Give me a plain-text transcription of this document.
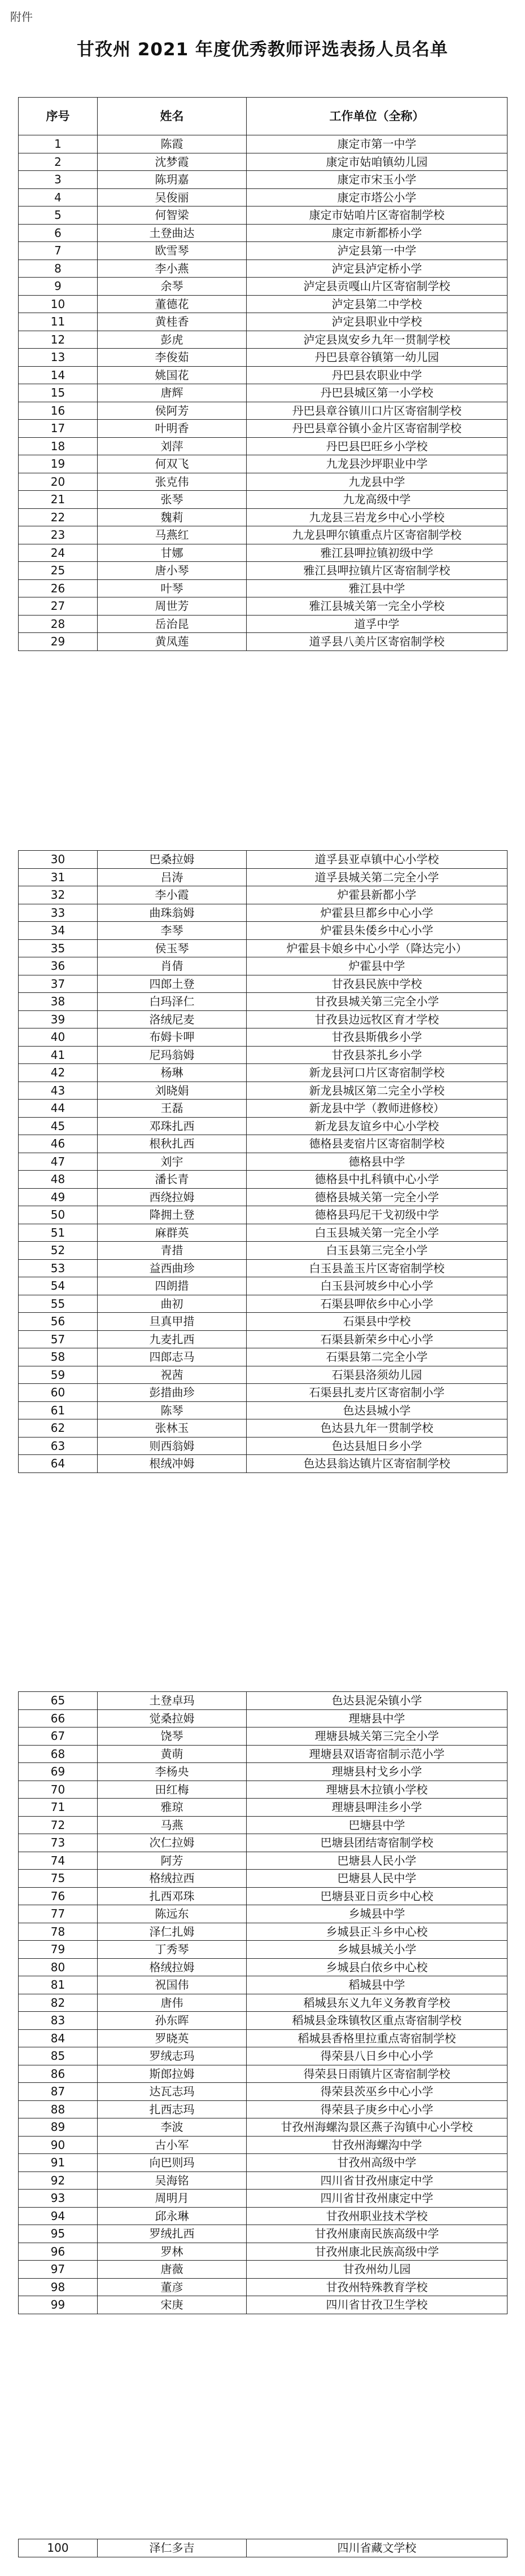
附件
甘孜州 2021 年度优秀教师评选表扬人员名单
序号	姓名	工作单位（全称）
1	陈霞	康定市第一中学
2	沈梦霞	康定市姑咱镇幼儿园
3	陈玥嘉	康定市宋玉小学
4	吴俊丽	康定市塔公小学
5	何智梁	康定市姑咱片区寄宿制学校
6	土登曲达	康定市新都桥小学
7	欧雪琴	泸定县第一中学
8	李小燕	泸定县泸定桥小学
9	余琴	泸定县贡嘎山片区寄宿制学校
10	董德花	泸定县第二中学校
11	黄桂香	泸定县职业中学校
12	彭虎	泸定县岚安乡九年一贯制学校
13	李俊茹	丹巴县章谷镇第一幼儿园
14	姚国花	丹巴县农职业中学
15	唐辉	丹巴县城区第一小学校
16	侯阿芳	丹巴县章谷镇川口片区寄宿制学校
17	叶明香	丹巴县章谷镇小金片区寄宿制学校
18	刘萍	丹巴县巴旺乡小学校
19	何双飞	九龙县沙坪职业中学
20	张克伟	九龙县中学
21	张琴	九龙高级中学
22	魏莉	九龙县三岩龙乡中心小学校
23	马燕红	九龙县呷尔镇重点片区寄宿制学校
24	甘娜	雅江县呷拉镇初级中学
25	唐小琴	雅江县呷拉镇片区寄宿制学校
26	叶琴	雅江县中学
27	周世芳	雅江县城关第一完全小学校
28	岳治昆	道孚中学
29	黄凤莲	道孚县八美片区寄宿制学校
30	巴桑拉姆	道孚县亚卓镇中心小学校
31	吕涛	道孚县城关第二完全小学
32	李小霞	炉霍县新都小学
33	曲珠翁姆	炉霍县旦都乡中心小学
34	李琴	炉霍县朱倭乡中心小学
35	侯玉琴	炉霍县卡娘乡中心小学（降达完小）
36	肖倩	炉霍县中学
37	四郎土登	甘孜县民族中学校
38	白玛泽仁	甘孜县城关第三完全小学
39	洛绒尼麦	甘孜县边远牧区育才学校
40	布姆卡呷	甘孜县斯俄乡小学
41	尼玛翁姆	甘孜县茶扎乡小学
42	杨琳	新龙县河口片区寄宿制学校
43	刘晓娟	新龙县城区第二完全小学校
44	王磊	新龙县中学（教师进修校）
45	邓珠扎西	新龙县友谊乡中心小学校
46	根秋扎西	德格县麦宿片区寄宿制学校
47	刘宇	德格县中学
48	潘长青	德格县中扎科镇中心小学
49	西绕拉姆	德格县城关第一完全小学
50	降拥土登	德格县玛尼干戈初级中学
51	麻群英	白玉县城关第一完全小学
52	青措	白玉县第三完全小学
53	益西曲珍	白玉县盖玉片区寄宿制学校
54	四朗措	白玉县河坡乡中心小学
55	曲初	石渠县呷依乡中心小学
56	旦真甲措	石渠县中学校
57	九麦扎西	石渠县新荣乡中心小学
58	四郎志马	石渠县第二完全小学
59	祝茜	石渠县洛须幼儿园
60	彭措曲珍	石渠县扎麦片区寄宿制小学
61	陈琴	色达县城小学
62	张林玉	色达县九年一贯制学校
63	则西翁姆	色达县旭日乡小学
64	根绒冲姆	色达县翁达镇片区寄宿制学校
65	土登卓玛	色达县泥朵镇小学
66	觉桑拉姆	理塘县中学
67	饶琴	理塘县城关第三完全小学
68	黄萌	理塘县双语寄宿制示范小学
69	李杨央	理塘县村戈乡小学
70	田红梅	理塘县木拉镇小学校
71	雅琼	理塘县呷洼乡小学
72	马燕	巴塘县中学
73	次仁拉姆	巴塘县团结寄宿制学校
74	阿芳	巴塘县人民小学
75	格绒拉西	巴塘县人民中学
76	扎西邓珠	巴塘县亚日贡乡中心校
77	陈远东	乡城县中学
78	泽仁扎姆	乡城县正斗乡中心校
79	丁秀琴	乡城县城关小学
80	格绒拉姆	乡城县白依乡中心校
81	祝国伟	稻城县中学
82	唐伟	稻城县东义九年义务教育学校
83	孙东晖	稻城县金珠镇牧区重点寄宿制学校
84	罗晓英	稻城县香格里拉重点寄宿制学校
85	罗绒志玛	得荣县八日乡中心小学
86	斯郎拉姆	得荣县日雨镇片区寄宿制学校
87	达瓦志玛	得荣县茨巫乡中心小学
88	扎西志玛	得荣县子庚乡中心小学
89	李波	甘孜州海螺沟景区燕子沟镇中心小学校
90	古小军	甘孜州海螺沟中学
91	向巴则玛	甘孜州高级中学
92	吴海铭	四川省甘孜州康定中学
93	周明月	四川省甘孜州康定中学
94	邱永琳	甘孜州职业技术学校
95	罗绒扎西	甘孜州康南民族高级中学
96	罗林	甘孜州康北民族高级中学
97	唐薇	甘孜州幼儿园
98	董彦	甘孜州特殊教育学校
99	宋庚	四川省甘孜卫生学校
100	泽仁多吉	四川省藏文学校
